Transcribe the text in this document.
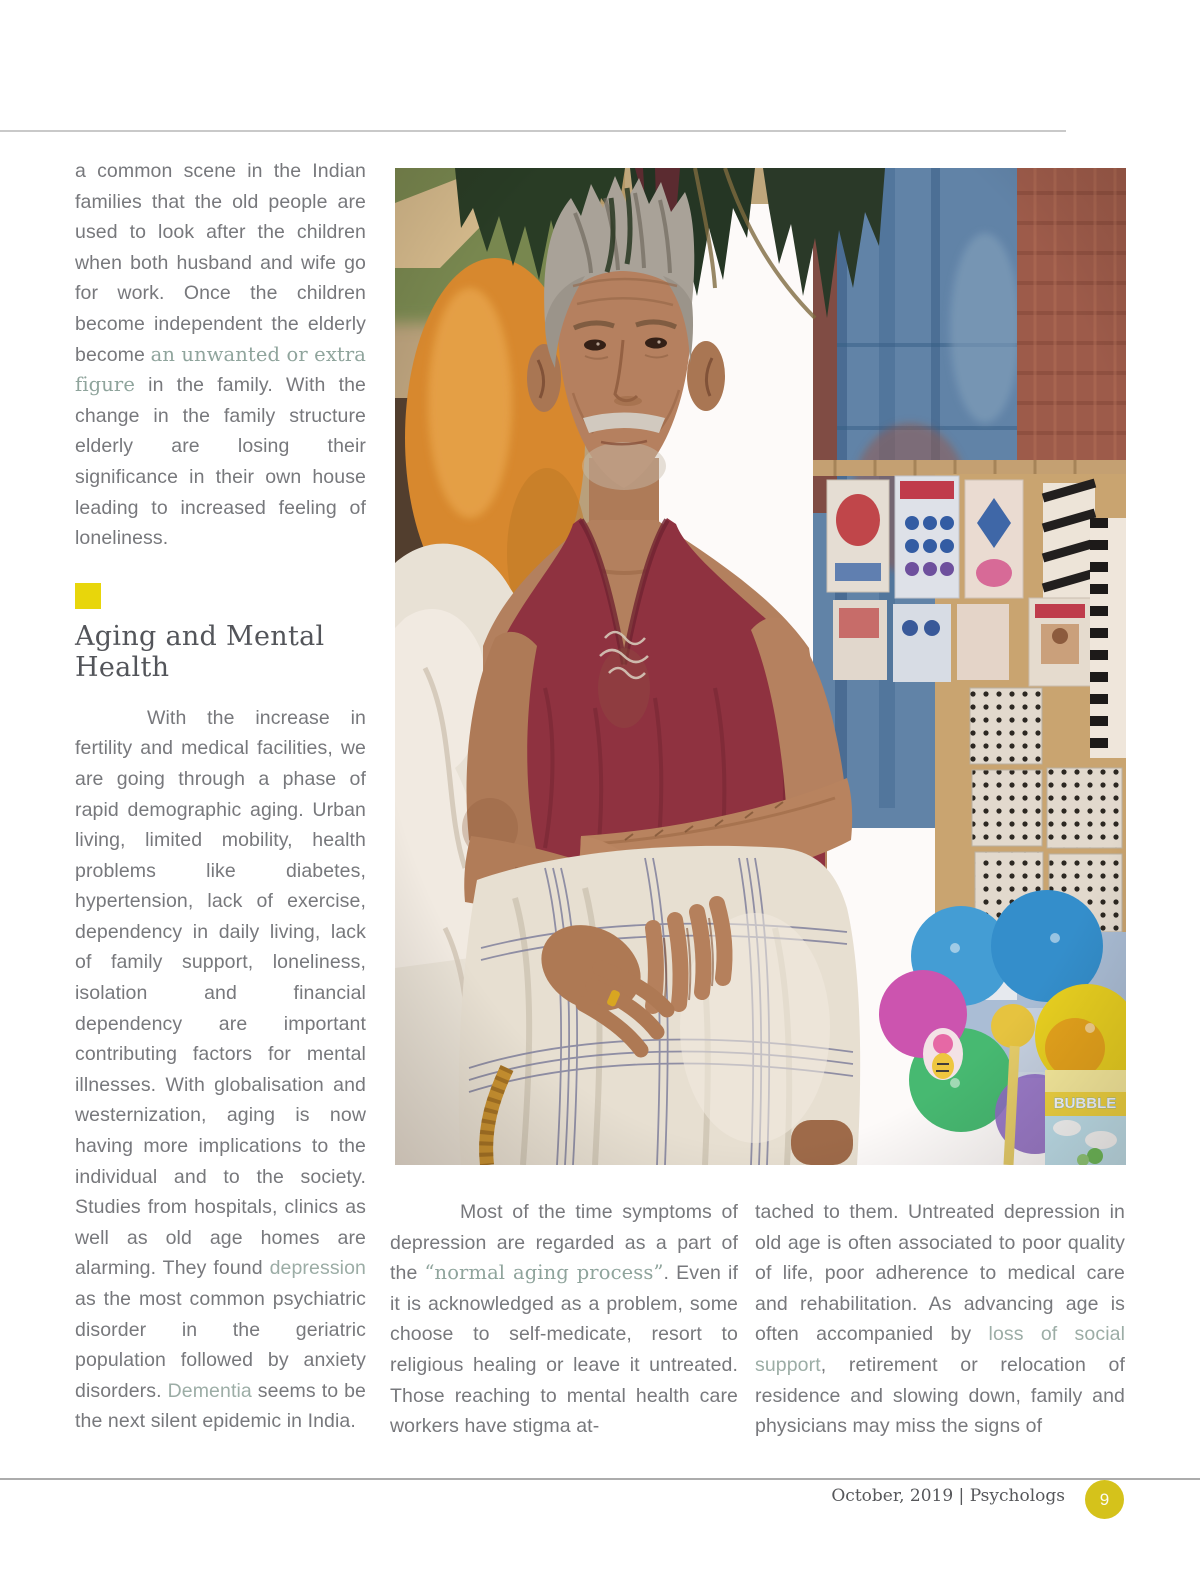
a common scene in the Indian families that the old people are used to look after the children when both husband and wife go for work. Once the children become independent the elderly become an unwanted or extra figure in the family. With the change in the family structure elderly are losing their significance in their own house leading to increased feeling of loneliness.

Aging and Mental Health

With the increase in fertility and medical facilities, we are going through a phase of rapid demographic aging. Urban living, limited mobility, health problems like diabetes, hypertension, lack of exercise, dependency in daily living, lack of family support, loneliness, isolation and financial dependency are important contributing factors for mental illnesses. With globalisation and westernization, aging is now having more implications to the individual and to the society. Studies from hospitals, clinics as well as old age homes are alarming. They found depression as the most common psychiatric disorder in the geriatric population followed by anxiety disorders. Dementia seems to be the next silent epidemic in India.

Most of the time symptoms of depression are regarded as a part of the “normal aging process”. Even if it is acknowledged as a problem, some choose to self-medicate, resort to religious healing or leave it untreated. Those reaching to mental health care workers have stigma at-

tached to them. Untreated depression in old age is often associated to poor quality of life, poor adherence to medical care and rehabilitation. As advancing age is often accompanied by loss of social support, retirement or relocation of residence and slowing down, family and physicians may miss the signs of

October, 2019 | Psychologs 9
